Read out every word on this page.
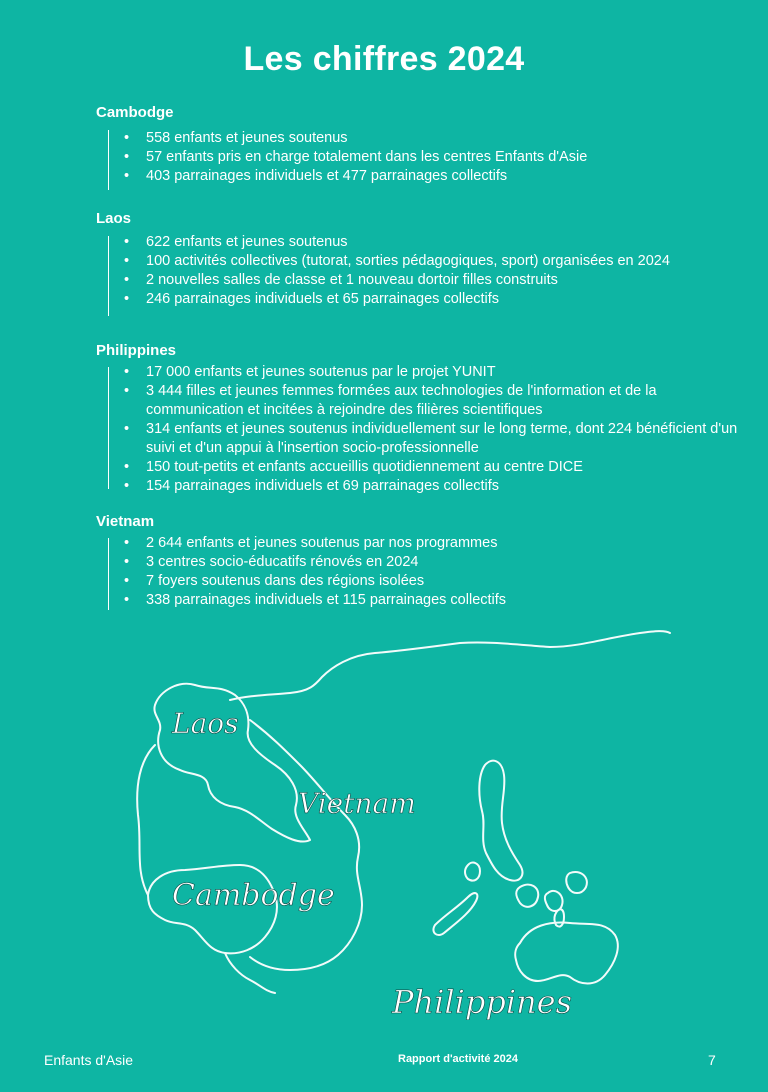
Les chiffres 2024
Cambodge
• 558 enfants et jeunes soutenus
• 57 enfants pris en charge totalement dans les centres Enfants d'Asie
• 403 parrainages individuels et 477 parrainages collectifs
Laos
• 622 enfants et jeunes soutenus
• 100 activités collectives (tutorat, sorties pédagogiques, sport) organisées en 2024
• 2 nouvelles salles de classe et 1 nouveau dortoir filles construits
• 246 parrainages individuels et 65 parrainages collectifs
Philippines
• 17 000 enfants et jeunes soutenus par le projet YUNIT
• 3 444 filles et jeunes femmes formées aux technologies de l'information et de la communication et incitées à rejoindre des filières scientifiques
• 314 enfants et jeunes soutenus individuellement sur le long terme, dont 224 bénéficient d'un suivi et d'un appui à l'insertion socio-professionnelle
• 150 tout-petits et enfants accueillis quotidiennement au centre DICE
• 154 parrainages individuels et 69 parrainages collectifs
Vietnam
• 2 644 enfants et jeunes soutenus par nos programmes
• 3 centres socio-éducatifs rénovés en 2024
• 7 foyers soutenus dans des régions isolées
• 338 parrainages individuels et 115 parrainages collectifs
Laos
Vietnam
Cambodge
Philippines
Enfants d'Asie	Rapport d'activité 2024	7
